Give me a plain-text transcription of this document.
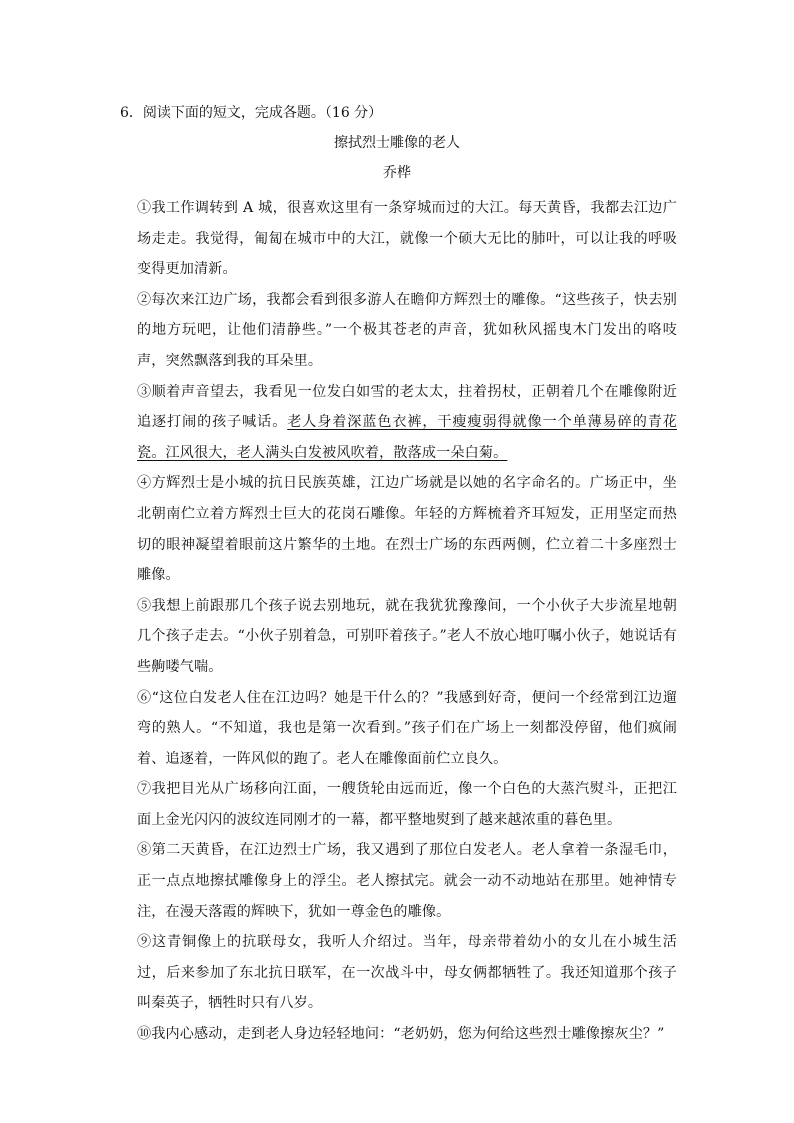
6．阅读下面的短文，完成各题。（16 分）
擦拭烈士雕像的老人
乔桦

①我工作调转到 A 城，很喜欢这里有一条穿城而过的大江。每天黄昏，我都去江边广场走走。我觉得，匍匐在城市中的大江，就像一个硕大无比的肺叶，可以让我的呼吸变得更加清新。

②每次来江边广场，我都会看到很多游人在瞻仰方辉烈士的雕像。“这些孩子，快去别的地方玩吧，让他们清静些。”一个极其苍老的声音，犹如秋风摇曳木门发出的咯吱声，突然飘落到我的耳朵里。

③顺着声音望去，我看见一位发白如雪的老太太，拄着拐杖，正朝着几个在雕像附近追逐打闹的孩子喊话。老人身着深蓝色衣裤，干瘦瘦弱得就像一个单薄易碎的青花瓷。江风很大，老人满头白发被风吹着，散落成一朵白菊。

④方辉烈士是小城的抗日民族英雄，江边广场就是以她的名字命名的。广场正中，坐北朝南伫立着方辉烈士巨大的花岗石雕像。年轻的方辉梳着齐耳短发，正用坚定而热切的眼神凝望着眼前这片繁华的土地。在烈士广场的东西两侧，伫立着二十多座烈士雕像。

⑤我想上前跟那几个孩子说去别地玩，就在我犹犹豫豫间，一个小伙子大步流星地朝几个孩子走去。“小伙子别着急，可别吓着孩子。”老人不放心地叮嘱小伙子，她说话有些齁喽气喘。

⑥“这位白发老人住在江边吗？她是干什么的？”我感到好奇，便问一个经常到江边遛弯的熟人。“不知道，我也是第一次看到。”孩子们在广场上一刻都没停留，他们疯闹着、追逐着，一阵风似的跑了。老人在雕像面前伫立良久。

⑦我把目光从广场移向江面，一艘货轮由远而近，像一个白色的大蒸汽熨斗，正把江面上金光闪闪的波纹连同刚才的一幕，都平整地熨到了越来越浓重的暮色里。

⑧第二天黄昏，在江边烈士广场，我又遇到了那位白发老人。老人拿着一条湿毛巾，正一点点地擦拭雕像身上的浮尘。老人擦拭完。就会一动不动地站在那里。她神情专注，在漫天落霞的辉映下，犹如一尊金色的雕像。

⑨这青铜像上的抗联母女，我听人介绍过。当年，母亲带着幼小的女儿在小城生活过，后来参加了东北抗日联军，在一次战斗中，母女俩都牺牲了。我还知道那个孩子叫秦英子，牺牲时只有八岁。

⑩我内心感动，走到老人身边轻轻地问：“老奶奶，您为何给这些烈士雕像擦灰尘？”
